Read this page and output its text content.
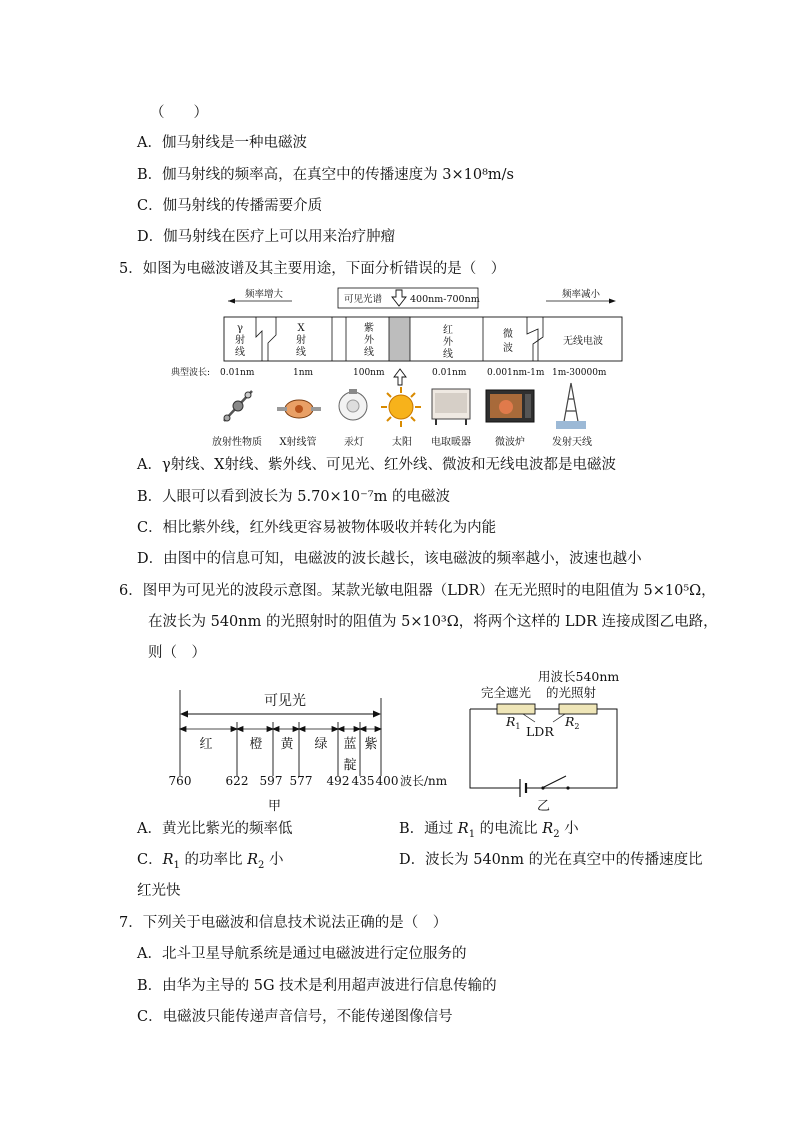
（　　）
A．伽马射线是一种电磁波
B．伽马射线的频率高，在真空中的传播速度为 3×10⁸m/s
C．伽马射线的传播需要介质
D．伽马射线在医疗上可以用来治疗肿瘤
5．如图为电磁波谱及其主要用途，下面分析错误的是（　）
频率增大	频率减小
可见光谱	400nm-700nm
γ
射
线
X
射
线
紫
外
线
红
外
线
微
波
无线电波
典型波长: 0.01nm	1nm	100nm	0.01nm 0.001nm-1m 1m-30000m
放射性物质 X射线管	汞灯	太阳 电取暖器 微波炉	发射天线
A．γ射线、X射线、紫外线、可见光、红外线、微波和无线电波都是电磁波
B．人眼可以看到波长为 5.70×10⁻⁷m 的电磁波
C．相比紫外线，红外线更容易被物体吸收并转化为内能
D．由图中的信息可知，电磁波的波长越长，该电磁波的频率越小，波速也越小
6．图甲为可见光的波段示意图。某款光敏电阻器（LDR）在无光照时的电阻值为 5×10⁵Ω，
在波长为 540nm 的光照射时的阻值为 5×10³Ω，将两个这样的 LDR 连接成图乙电路，
则（　）
可见光
红	橙 黄 绿 蓝
靛
紫
760	622 597 577 492 435 400 波长/nm
甲
用波长540nm
的光照射
完全遮光
$R_1$	$R_2$
LDR
乙
A．黄光比紫光的频率低	B．通过 $R_1$ 的电流比 $R_2$ 小
C．$R_1$ 的功率比 $R_2$ 小	D．波长为 540nm 的光在真空中的传播速度比
红光快
7．下列关于电磁波和信息技术说法正确的是（　）
A．北斗卫星导航系统是通过电磁波进行定位服务的
B．由华为主导的 5G 技术是利用超声波进行信息传输的
C．电磁波只能传递声音信号，不能传递图像信号
